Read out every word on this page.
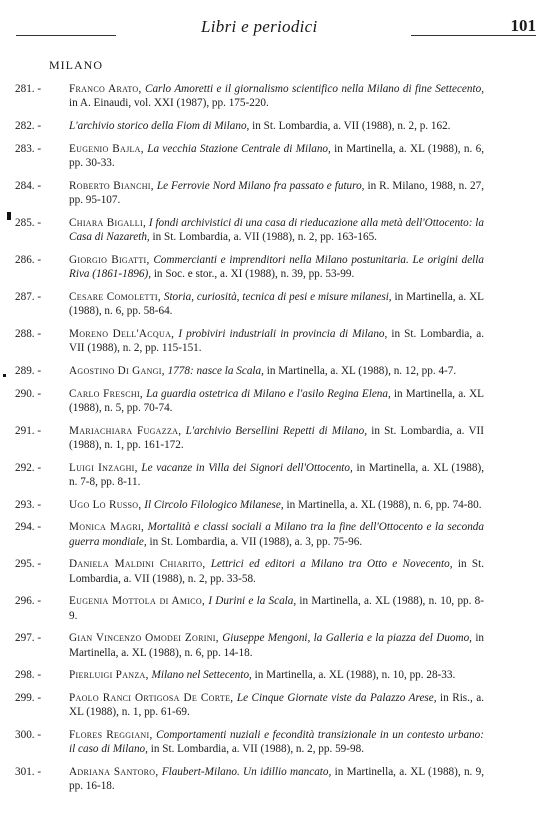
Libri e periodici	101
MILANO
281. -	Franco Arato, Carlo Amoretti e il giornalismo scientifico nella Milano di fine Settecento, in A. Einaudi, vol. XXI (1987), pp. 175-220.
282. -	L'archivio storico della Fiom di Milano, in St. Lombardia, a. VII (1988), n. 2, p. 162.
283. -	Eugenio Bajla, La vecchia Stazione Centrale di Milano, in Martinella, a. XL (1988), n. 6, pp. 30-33.
284. -	Roberto Bianchi, Le Ferrovie Nord Milano fra passato e futuro, in R. Milano, 1988, n. 27, pp. 95-107.
285. -	Chiara Bigalli, I fondi archivistici di una casa di rieducazione alla metà dell'Ottocento: la Casa di Nazareth, in St. Lombardia, a. VII (1988), n. 2, pp. 163-165.
286. -	Giorgio Bigatti, Commercianti e imprenditori nella Milano postunitaria. Le origini della Riva (1861-1896), in Soc. e stor., a. XI (1988), n. 39, pp. 53-99.
287. -	Cesare Comoletti, Storia, curiosità, tecnica di pesi e misure milanesi, in Martinella, a. XL (1988), n. 6, pp. 58-64.
288. -	Moreno Dell'Acqua, I probiviri industriali in provincia di Milano, in St. Lombardia, a. VII (1988), n. 2, pp. 115-151.
289. -	Agostino Di Gangi, 1778: nasce la Scala, in Martinella, a. XL (1988), n. 12, pp. 4-7.
290. -	Carlo Freschi, La guardia ostetrica di Milano e l'asilo Regina Elena, in Martinella, a. XL (1988), n. 5, pp. 70-74.
291. -	Mariachiara Fugazza, L'archivio Bersellini Repetti di Milano, in St. Lombardia, a. VII (1988), n. 1, pp. 161-172.
292. -	Luigi Inzaghi, Le vacanze in Villa dei Signori dell'Ottocento, in Martinella, a. XL (1988), n. 7-8, pp. 8-11.
293. -	Ugo Lo Russo, Il Circolo Filologico Milanese, in Martinella, a. XL (1988), n. 6, pp. 74-80.
294. -	Monica Magri, Mortalità e classi sociali a Milano tra la fine dell'Ottocento e la seconda guerra mondiale, in St. Lombardia, a. VII (1988), a. 3, pp. 75-96.
295. -	Daniela Maldini Chiarito, Lettrici ed editori a Milano tra Otto e Novecento, in St. Lombardia, a. VII (1988), n. 2, pp. 33-58.
296. -	Eugenia Mottola di Amico, I Durini e la Scala, in Martinella, a. XL (1988), n. 10, pp. 8-9.
297. -	Gian Vincenzo Omodei Zorini, Giuseppe Mengoni, la Galleria e la piazza del Duomo, in Martinella, a. XL (1988), n. 6, pp. 14-18.
298. -	Pierluigi Panza, Milano nel Settecento, in Martinella, a. XL (1988), n. 10, pp. 28-33.
299. -	Paolo Ranci Ortigosa De Corte, Le Cinque Giornate viste da Palazzo Arese, in Ris., a. XL (1988), n. 1, pp. 61-69.
300. -	Flores Reggiani, Comportamenti nuziali e fecondità transizionale in un contesto urbano: il caso di Milano, in St. Lombardia, a. VII (1988), n. 2, pp. 59-98.
301. -	Adriana Santoro, Flaubert-Milano. Un idillio mancato, in Martinella, a. XL (1988), n. 9, pp. 16-18.
